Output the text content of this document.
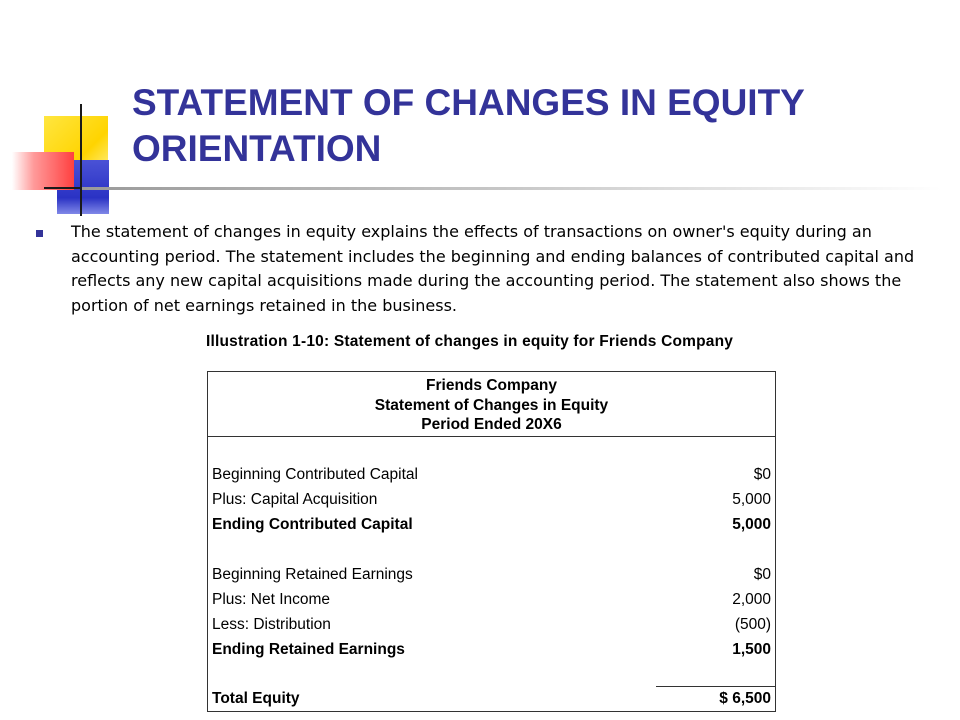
STATEMENT OF CHANGES IN EQUITY
ORIENTATION

The statement of changes in equity explains the effects of transactions on owner's equity during an accounting period. The statement includes the beginning and ending balances of contributed capital and reflects any new capital acquisitions made during the accounting period. The statement also shows the portion of net earnings retained in the business.

Illustration 1-10: Statement of changes in equity for Friends Company
Friends Company
Statement of Changes in Equity
Period Ended 20X6
Beginning Contributed Capital	$0
Plus: Capital Acquisition	5,000
Ending Contributed Capital	5,000
Beginning Retained Earnings	$0
Plus: Net Income	2,000
Less: Distribution	(500)
Ending Retained Earnings	1,500
Total Equity	$ 6,500
